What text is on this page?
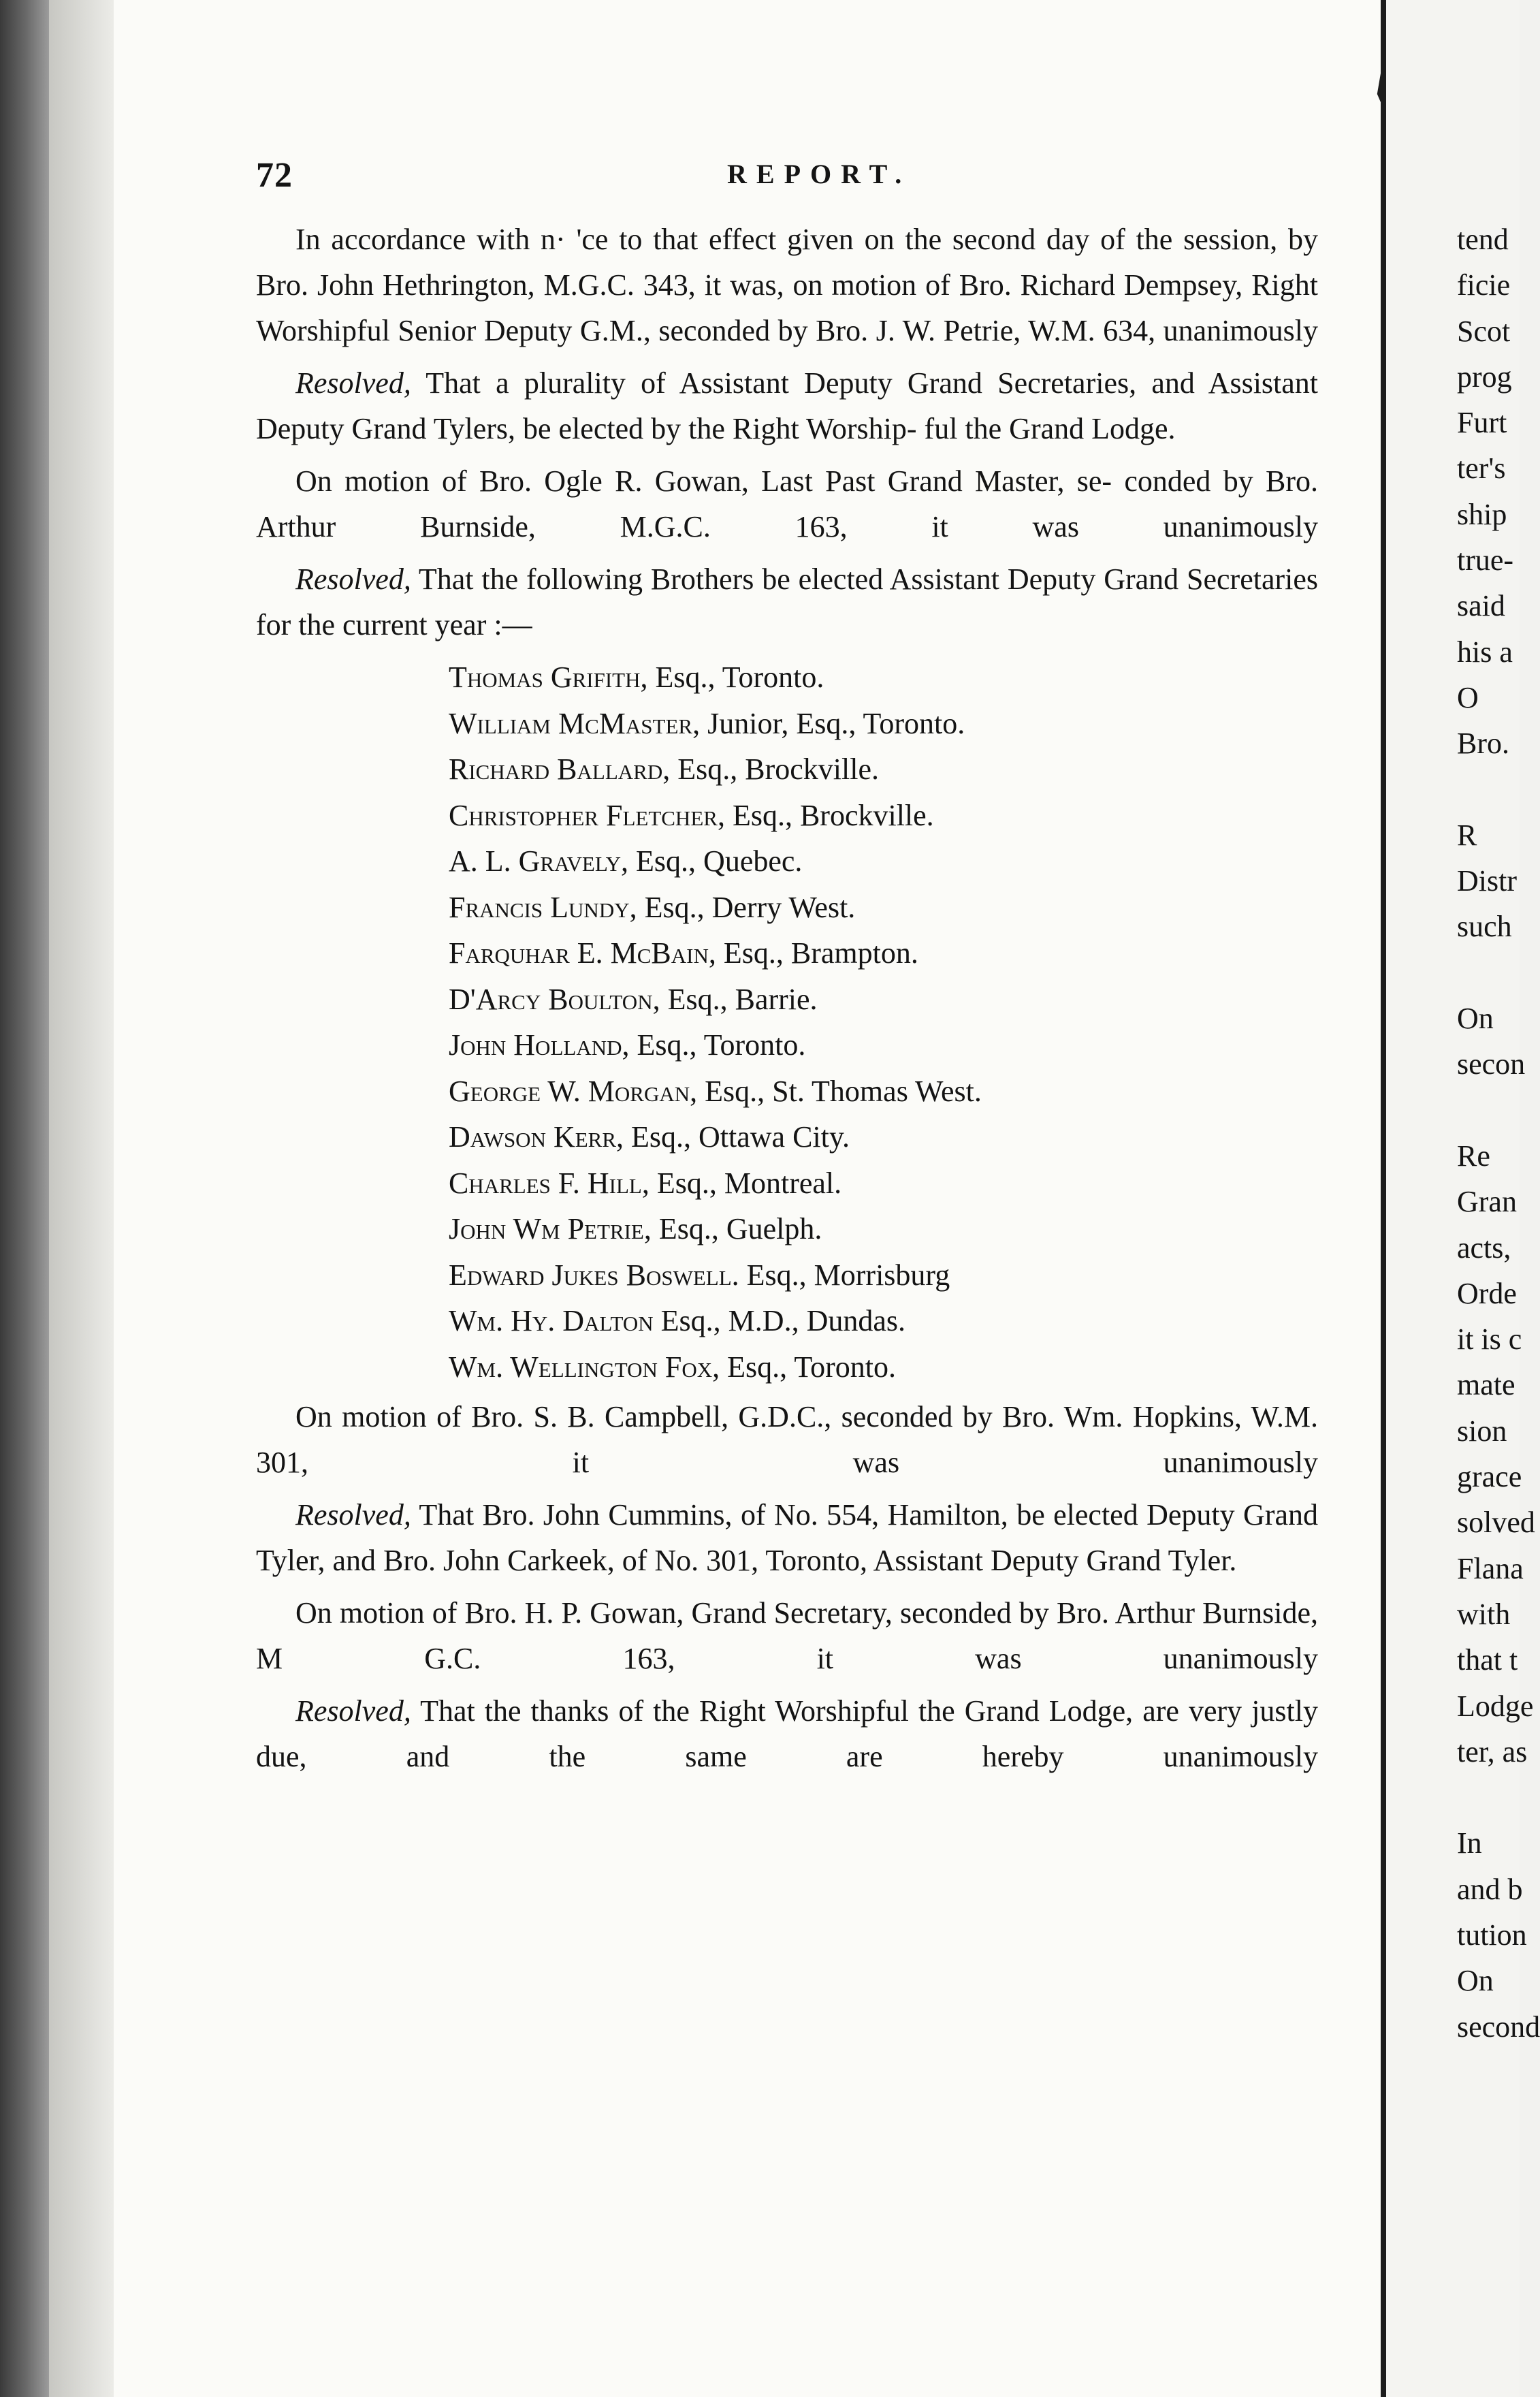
72	REPORT.

In accordance with n· 'ce to that effect given on the second day of the session, by Bro. John Hethrington, M.G.C. 343, it was, on motion of Bro. Richard Dempsey, Right Worshipful Senior Deputy G.M., seconded by Bro. J. W. Petrie, W.M. 634, unanimously

Resolved, That a plurality of Assistant Deputy Grand Secretaries, and Assistant Deputy Grand Tylers, be elected by the Right Worship- ful the Grand Lodge.

On motion of Bro. Ogle R. Gowan, Last Past Grand Master, se- conded by Bro. Arthur Burnside, M.G.C. 163, it was unanimously

Resolved, That the following Brothers be elected Assistant Deputy Grand Secretaries for the current year :—

Thomas Grifith, Esq., Toronto.
William McMaster, Junior, Esq., Toronto.
Richard Ballard, Esq., Brockville.
Christopher Fletcher, Esq., Brockville.
A. L. Gravely, Esq., Quebec.
Francis Lundy, Esq., Derry West.
Farquhar E. McBain, Esq., Brampton.
D'Arcy Boulton, Esq., Barrie.
John Holland, Esq., Toronto.
George W. Morgan, Esq., St. Thomas West.
Dawson Kerr, Esq., Ottawa City.
Charles F. Hill, Esq., Montreal.
John Wm Petrie, Esq., Guelph.
Edward Jukes Boswell. Esq., Morrisburg
Wm. Hy. Dalton Esq., M.D., Dundas.
Wm. Wellington Fox, Esq., Toronto.

On motion of Bro. S. B. Campbell, G.D.C., seconded by Bro. Wm. Hopkins, W.M. 301, it was unanimously

Resolved, That Bro. John Cummins, of No. 554, Hamilton, be elected Deputy Grand Tyler, and Bro. John Carkeek, of No. 301, Toronto, Assistant Deputy Grand Tyler.

On motion of Bro. H. P. Gowan, Grand Secretary, seconded by Bro. Arthur Burnside, M G.C. 163, it was unanimously

Resolved, That the thanks of the Right Worshipful the Grand Lodge, are very justly due, and the same are hereby unanimously

tend
ficie
Scot
prog
Furt
ter's
ship
true-
said
his a
O
Bro.
R
Distr
such
On
secon
Re
Gran
acts,
Orde
it is c
mate
sion
grace
solved
Flana
with
that t
Lodge
ter, as
In
and b
tution
On
second
